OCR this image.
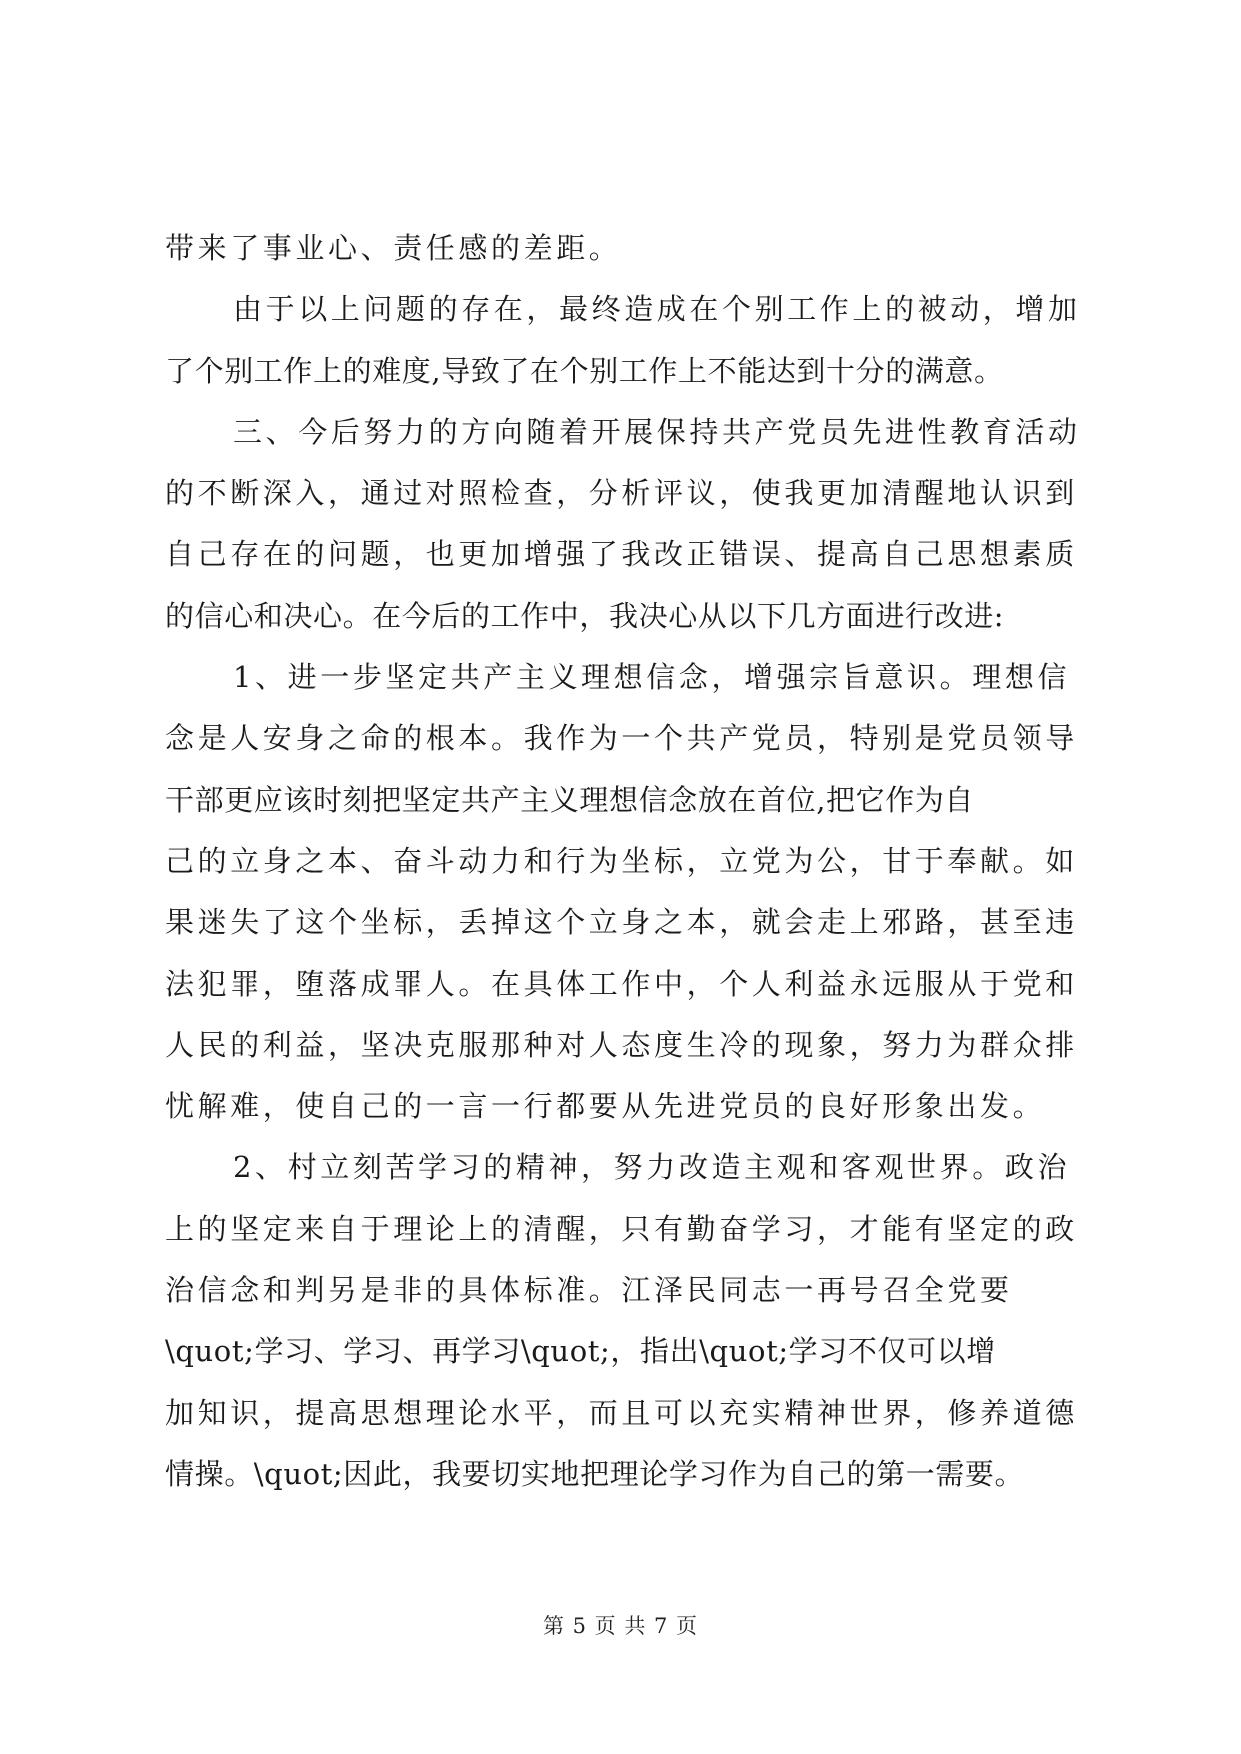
带来了事业心、责任感的差距。

由于以上问题的存在，最终造成在个别工作上的被动，增加

了个别工作上的难度,导致了在个别工作上不能达到十分的满意。

三、今后努力的方向随着开展保持共产党员先进性教育活动

的不断深入，通过对照检查，分析评议，使我更加清醒地认识到

自己存在的问题，也更加增强了我改正错误、提高自己思想素质

的信心和决心。在今后的工作中，我决心从以下几方面进行改进:

1、进一步坚定共产主义理想信念，增强宗旨意识。理想信

念是人安身之命的根本。我作为一个共产党员，特别是党员领导

干部更应该时刻把坚定共产主义理想信念放在首位,把它作为自

己的立身之本、奋斗动力和行为坐标，立党为公，甘于奉献。如

果迷失了这个坐标，丢掉这个立身之本，就会走上邪路，甚至违

法犯罪，堕落成罪人。在具体工作中，个人利益永远服从于党和

人民的利益，坚决克服那种对人态度生冷的现象，努力为群众排

忧解难，使自己的一言一行都要从先进党员的良好形象出发。

2、村立刻苦学习的精神，努力改造主观和客观世界。政治

上的坚定来自于理论上的清醒，只有勤奋学习，才能有坚定的政

治信念和判另是非的具体标准。江泽民同志一再号召全党要

\quot;学习、学习、再学习\quot;，指出\quot;学习不仅可以增

加知识，提高思想理论水平，而且可以充实精神世界，修养道德

情操。\quot;因此，我要切实地把理论学习作为自己的第一需要。

第 5 页 共 7 页
